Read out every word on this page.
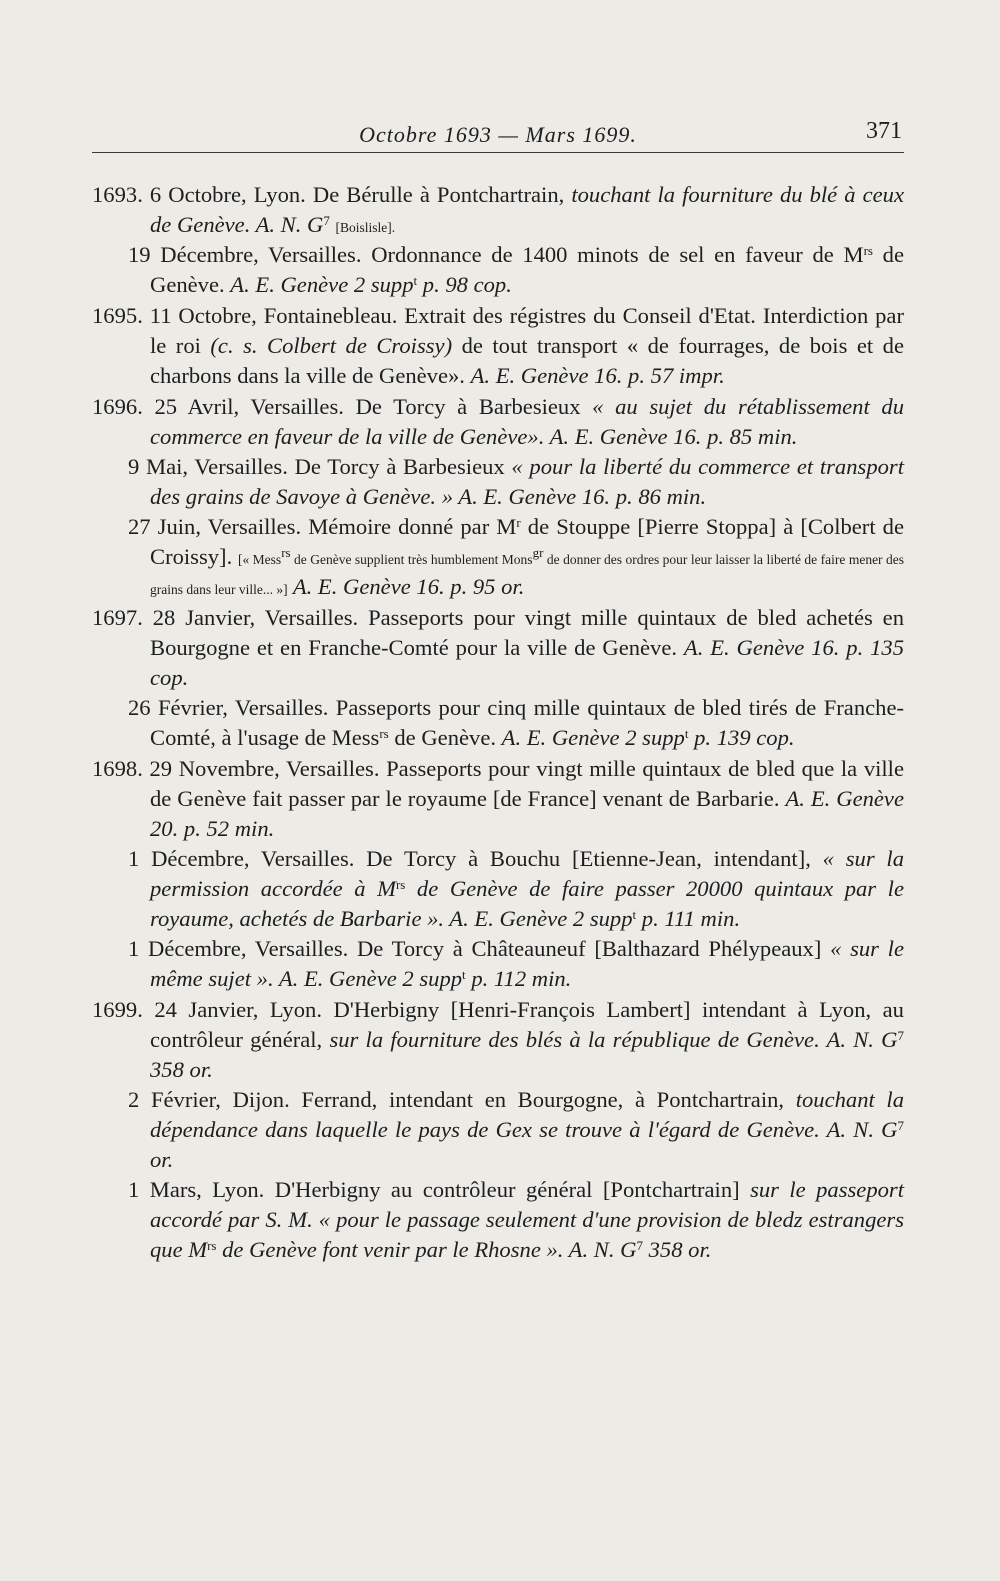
Octobre 1693 — Mars 1699.	371

1693. 6 Octobre, Lyon. De Bérulle à Pontchartrain, touchant la fourniture du blé à ceux de Genève. A. N. $G^7$ [Boislisle].

19 Décembre, Versailles. Ordonnance de 1400 minots de sel en faveur de $M^{rs}$ de Genève. A. E. Genève 2 supp$^t$ p. 98 cop.

1695. 11 Octobre, Fontainebleau. Extrait des régistres du Conseil d'Etat. Interdiction par le roi (c. s. Colbert de Croissy) de tout transport « de fourrages, de bois et de charbons dans la ville de Genève». A. E. Genève 16. p. 57 impr.

1696. 25 Avril, Versailles. De Torcy à Barbesieux « au sujet du rétablissement du commerce en faveur de la ville de Genève». A. E. Genève 16. p. 85 min.

9 Mai, Versailles. De Torcy à Barbesieux « pour la liberté du commerce et transport des grains de Savoye à Genève. » A. E. Genève 16. p. 86 min.

27 Juin, Versailles. Mémoire donné par $M^r$ de Stouppe [Pierre Stoppa] à [Colbert de Croissy]. [« Mess$^{rs}$ de Genève supplient très humblement Mons$^{gr}$ de donner des ordres pour leur laisser la liberté de faire mener des grains dans leur ville... »] A. E. Genève 16. p. 95 or.

1697. 28 Janvier, Versailles. Passeports pour vingt mille quintaux de bled achetés en Bourgogne et en Franche-Comté pour la ville de Genève. A. E. Genève 16. p. 135 cop.

26 Février, Versailles. Passeports pour cinq mille quintaux de bled tirés de Franche-Comté, à l'usage de Mess$^{rs}$ de Genève. A. E. Genève 2 supp$^t$ p. 139 cop.

1698. 29 Novembre, Versailles. Passeports pour vingt mille quintaux de bled que la ville de Genève fait passer par le royaume [de France] venant de Barbarie. A. E. Genève 20. p. 52 min.

1 Décembre, Versailles. De Torcy à Bouchu [Etienne-Jean, intendant], « sur la permission accordée à $M^{rs}$ de Genève de faire passer 20000 quintaux par le royaume, achetés de Barbarie ». A. E. Genève 2 supp$^t$ p. 111 min.

1 Décembre, Versailles. De Torcy à Châteauneuf [Balthazard Phélypeaux] « sur le même sujet ». A. E. Genève 2 supp$^t$ p. 112 min.

1699. 24 Janvier, Lyon. D'Herbigny [Henri-François Lambert] intendant à Lyon, au contrôleur général, sur la fourniture des blés à la république de Genève. A. N. $G^7$ 358 or.

2 Février, Dijon. Ferrand, intendant en Bourgogne, à Pontchartrain, touchant la dépendance dans laquelle le pays de Gex se trouve à l'égard de Genève. A. N. $G^7$ or.

1 Mars, Lyon. D'Herbigny au contrôleur général [Pontchartrain] sur le passeport accordé par S. M. « pour le passage seulement d'une provision de bledz estrangers que $M^{rs}$ de Genève font venir par le Rhosne ». A. N. $G^7$ 358 or.
